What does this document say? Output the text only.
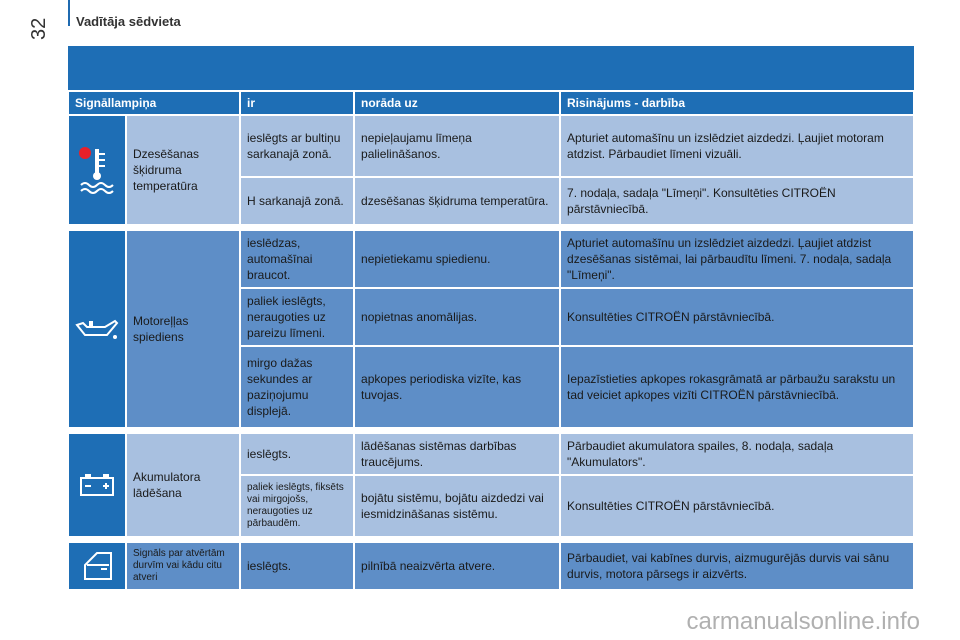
32 Vadītāja sēdvieta
Signāllampiņa		ir	norāda uz	Risinājums - darbība

	Dzesēšanas šķidruma temperatūra	ieslēgts ar bultiņu sarkanajā zonā.	nepieļaujamu līmeņa palielināšanos.	Apturiet automašīnu un izslēdziet aizdedzi. Ļaujiet motoram atdzist. Pārbaudiet līmeni vizuāli.
		H sarkanajā zonā.	dzesēšanas šķidruma temperatūra.	7. nodaļa, sadaļa "Līmeņi". Konsultēties CITROËN pārstāvniecībā.

	Motoreļļas spiediens	ieslēdzas, automašīnai braucot.	nepietiekamu spiedienu.	Apturiet automašīnu un izslēdziet aizdedzi. Ļaujiet atdzist dzesēšanas sistēmai, lai pārbaudītu līmeni. 7. nodaļa, sadaļa "Līmeņi".
		paliek ieslēgts, neraugoties uz pareizu līmeni.	nopietnas anomālijas.	Konsultēties CITROËN pārstāvniecībā.
		mirgo dažas sekundes ar paziņojumu displejā.	apkopes periodiska vizīte, kas tuvojas.	Iepazīstieties apkopes rokasgrāmatā ar pārbaužu sarakstu un tad veiciet apkopes vizīti CITROËN pārstāvniecībā.

	Akumulatora lādēšana	ieslēgts.	lādēšanas sistēmas darbības traucējums.	Pārbaudiet akumulatora spailes, 8. nodaļa, sadaļa "Akumulators".
		paliek ieslēgts, fiksēts vai mirgojošs, neraugoties uz pārbaudēm.	bojātu sistēmu, bojātu aizdedzi vai iesmidzināšanas sistēmu.	Konsultēties CITROËN pārstāvniecībā.

	Signāls par atvērtām durvīm vai kādu citu atveri	ieslēgts.	pilnībā neaizvērta atvere.	Pārbaudiet, vai kabīnes durvis, aizmugurējās durvis vai sānu durvis, motora pārsegs ir aizvērts.
carmanualsonline.info
